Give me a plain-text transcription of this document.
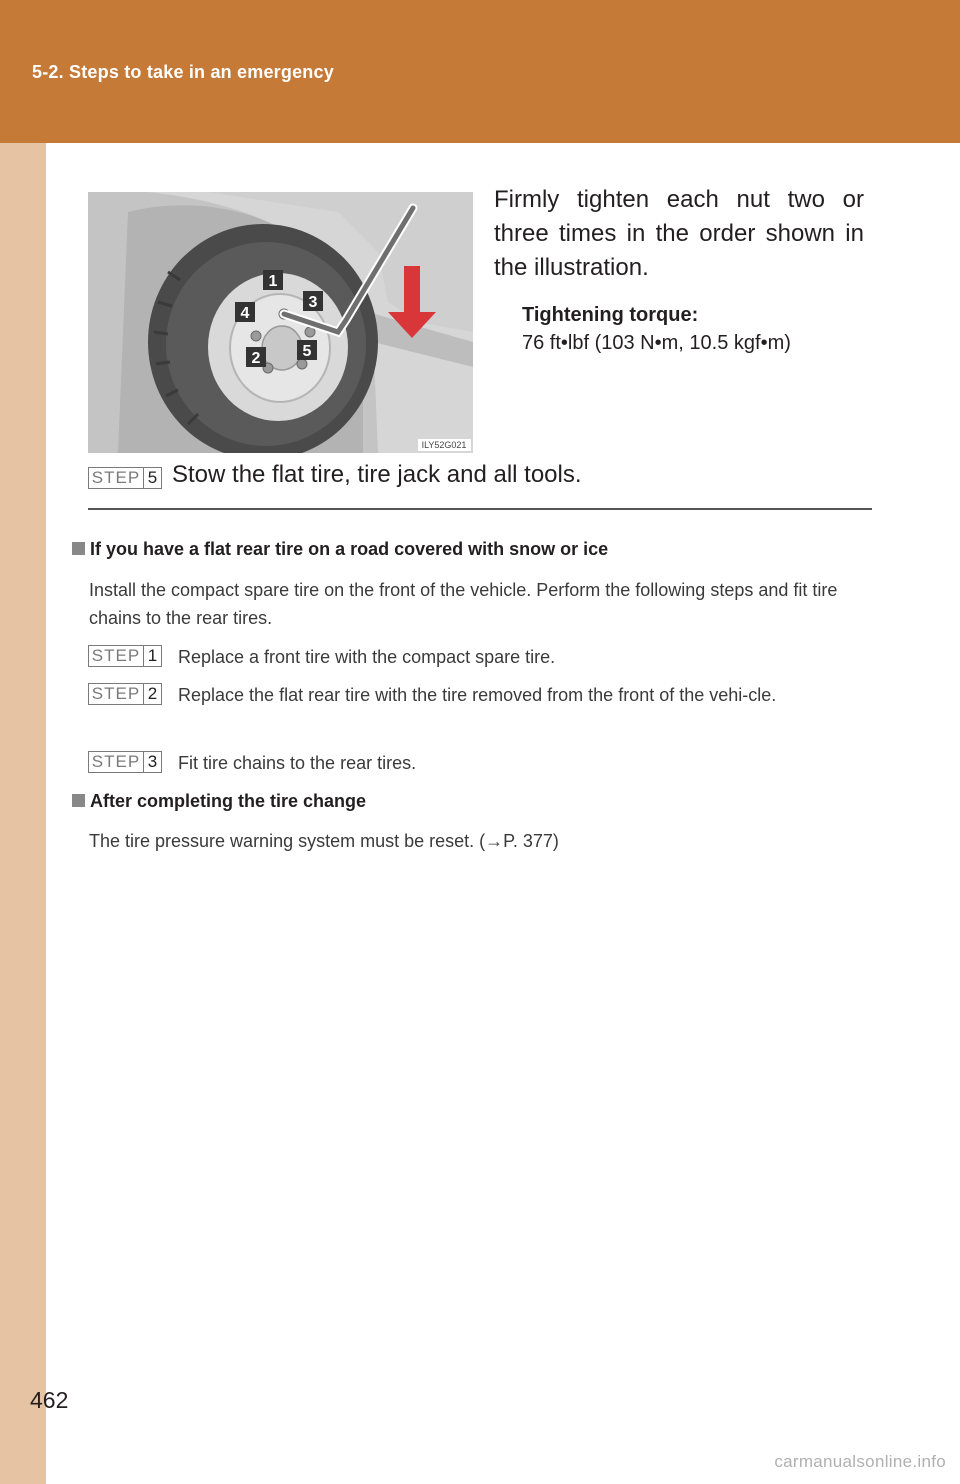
5-2. Steps to take in an emergency
1
2
3
4
5
ILY52G021
Firmly tighten each nut two or three times in the order shown in the illustration.
Tightening torque:
76 ft•lbf (103 N•m, 10.5 kgf•m)
STEP 5 Stow the flat tire, tire jack and all tools.
If you have a flat rear tire on a road covered with snow or ice
Install the compact spare tire on the front of the vehicle. Perform the following steps and fit tire chains to the rear tires.
STEP 1 Replace a front tire with the compact spare tire.
STEP 2 Replace the flat rear tire with the tire removed from the front of the vehi-cle.
STEP 3 Fit tire chains to the rear tires.
After completing the tire change
The tire pressure warning system must be reset. (→P. 377)
462
carmanualsonline.info
